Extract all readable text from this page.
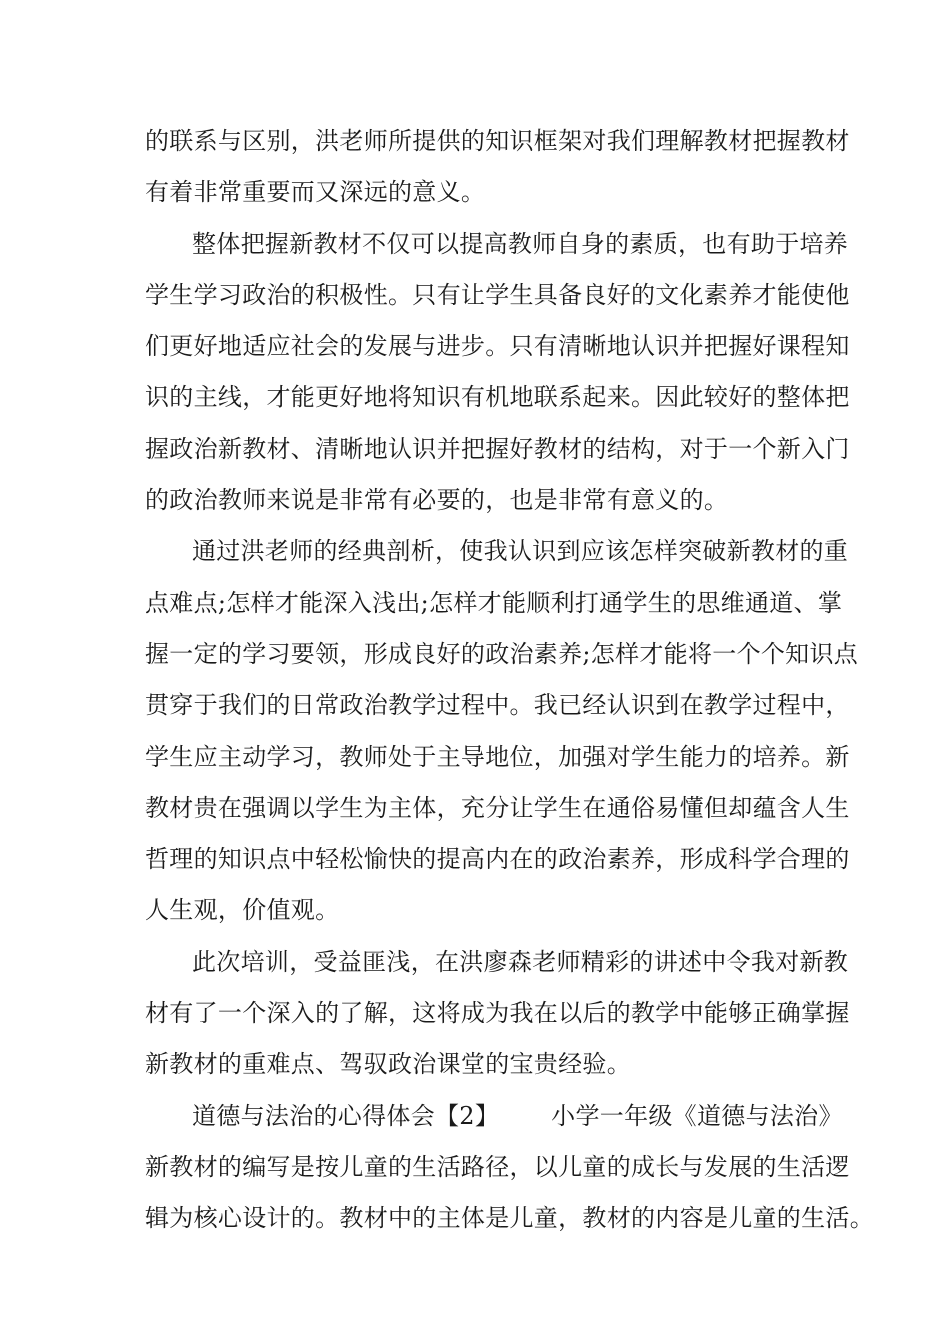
的联系与区别，洪老师所提供的知识框架对我们理解教材把握教材
有着非常重要而又深远的意义。
整体把握新教材不仅可以提高教师自身的素质，也有助于培养
学生学习政治的积极性。只有让学生具备良好的文化素养才能使他
们更好地适应社会的发展与进步。只有清晰地认识并把握好课程知
识的主线，才能更好地将知识有机地联系起来。因此较好的整体把
握政治新教材、清晰地认识并把握好教材的结构，对于一个新入门
的政治教师来说是非常有必要的，也是非常有意义的。
通过洪老师的经典剖析，使我认识到应该怎样突破新教材的重
点难点;怎样才能深入浅出;怎样才能顺利打通学生的思维通道、掌
握一定的学习要领，形成良好的政治素养;怎样才能将一个个知识点
贯穿于我们的日常政治教学过程中。我已经认识到在教学过程中，
学生应主动学习，教师处于主导地位，加强对学生能力的培养。新
教材贵在强调以学生为主体，充分让学生在通俗易懂但却蕴含人生
哲理的知识点中轻松愉快的提高内在的政治素养，形成科学合理的
人生观，价值观。
此次培训，受益匪浅，在洪廖森老师精彩的讲述中令我对新教
材有了一个深入的了解，这将成为我在以后的教学中能够正确掌握
新教材的重难点、驾驭政治课堂的宝贵经验。
道德与法治的心得体会【2】 小学一年级《道德与法治》
新教材的编写是按儿童的生活路径，以儿童的成长与发展的生活逻
辑为核心设计的。教材中的主体是儿童，教材的内容是儿童的生活。
